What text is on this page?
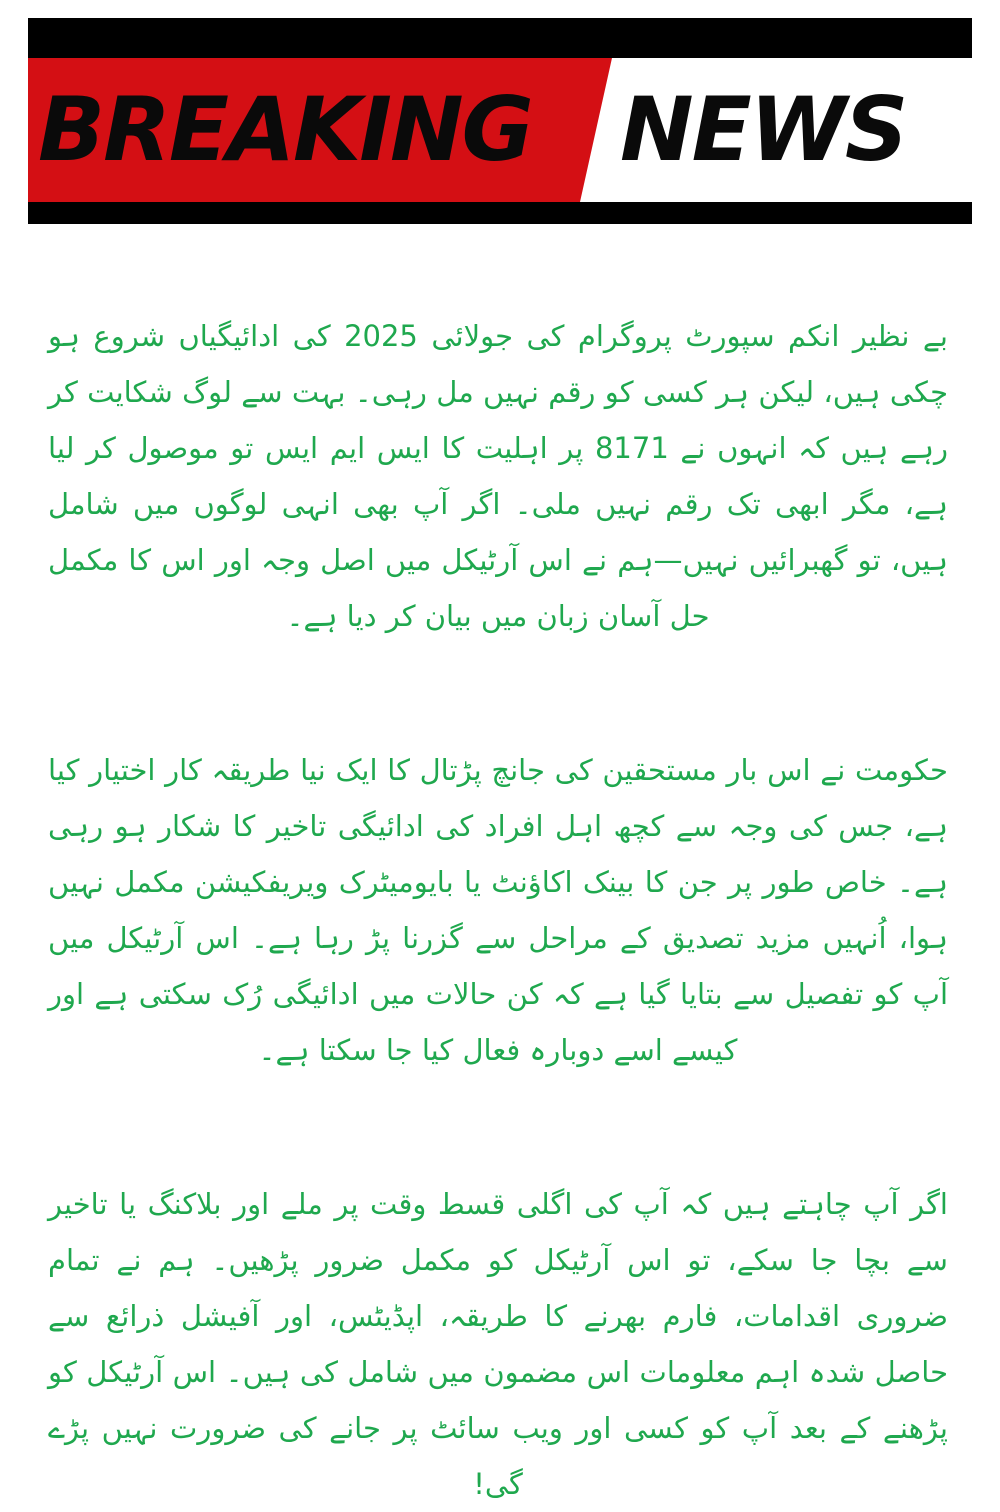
BREAKING NEWS

بے نظیر انکم سپورٹ پروگرام کی جولائی 2025 کی ادائیگیاں شروع ہو چکی ہیں، لیکن ہر کسی کو رقم نہیں مل رہی۔ بہت سے لوگ شکایت کر رہے ہیں کہ انہوں نے 8171 پر اہلیت کا ایس ایم ایس تو موصول کر لیا ہے، مگر ابھی تک رقم نہیں ملی۔ اگر آپ بھی انہی لوگوں میں شامل ہیں، تو گھبرائیں نہیں—ہم نے اس آرٹیکل میں اصل وجہ اور اس کا مکمل حل آسان زبان میں بیان کر دیا ہے۔

حکومت نے اس بار مستحقین کی جانچ پڑتال کا ایک نیا طریقہ کار اختیار کیا ہے، جس کی وجہ سے کچھ اہل افراد کی ادائیگی تاخیر کا شکار ہو رہی ہے۔ خاص طور پر جن کا بینک اکاؤنٹ یا بایومیٹرک ویریفکیشن مکمل نہیں ہوا، اُنہیں مزید تصدیق کے مراحل سے گزرنا پڑ رہا ہے۔ اس آرٹیکل میں آپ کو تفصیل سے بتایا گیا ہے کہ کن حالات میں ادائیگی رُک سکتی ہے اور کیسے اسے دوبارہ فعال کیا جا سکتا ہے۔

اگر آپ چاہتے ہیں کہ آپ کی اگلی قسط وقت پر ملے اور بلاکنگ یا تاخیر سے بچا جا سکے، تو اس آرٹیکل کو مکمل ضرور پڑھیں۔ ہم نے تمام ضروری اقدامات، فارم بھرنے کا طریقہ، اپڈیٹس، اور آفیشل ذرائع سے حاصل شدہ اہم معلومات اس مضمون میں شامل کی ہیں۔ اس آرٹیکل کو پڑھنے کے بعد آپ کو کسی اور ویب سائٹ پر جانے کی ضرورت نہیں پڑے گی!
